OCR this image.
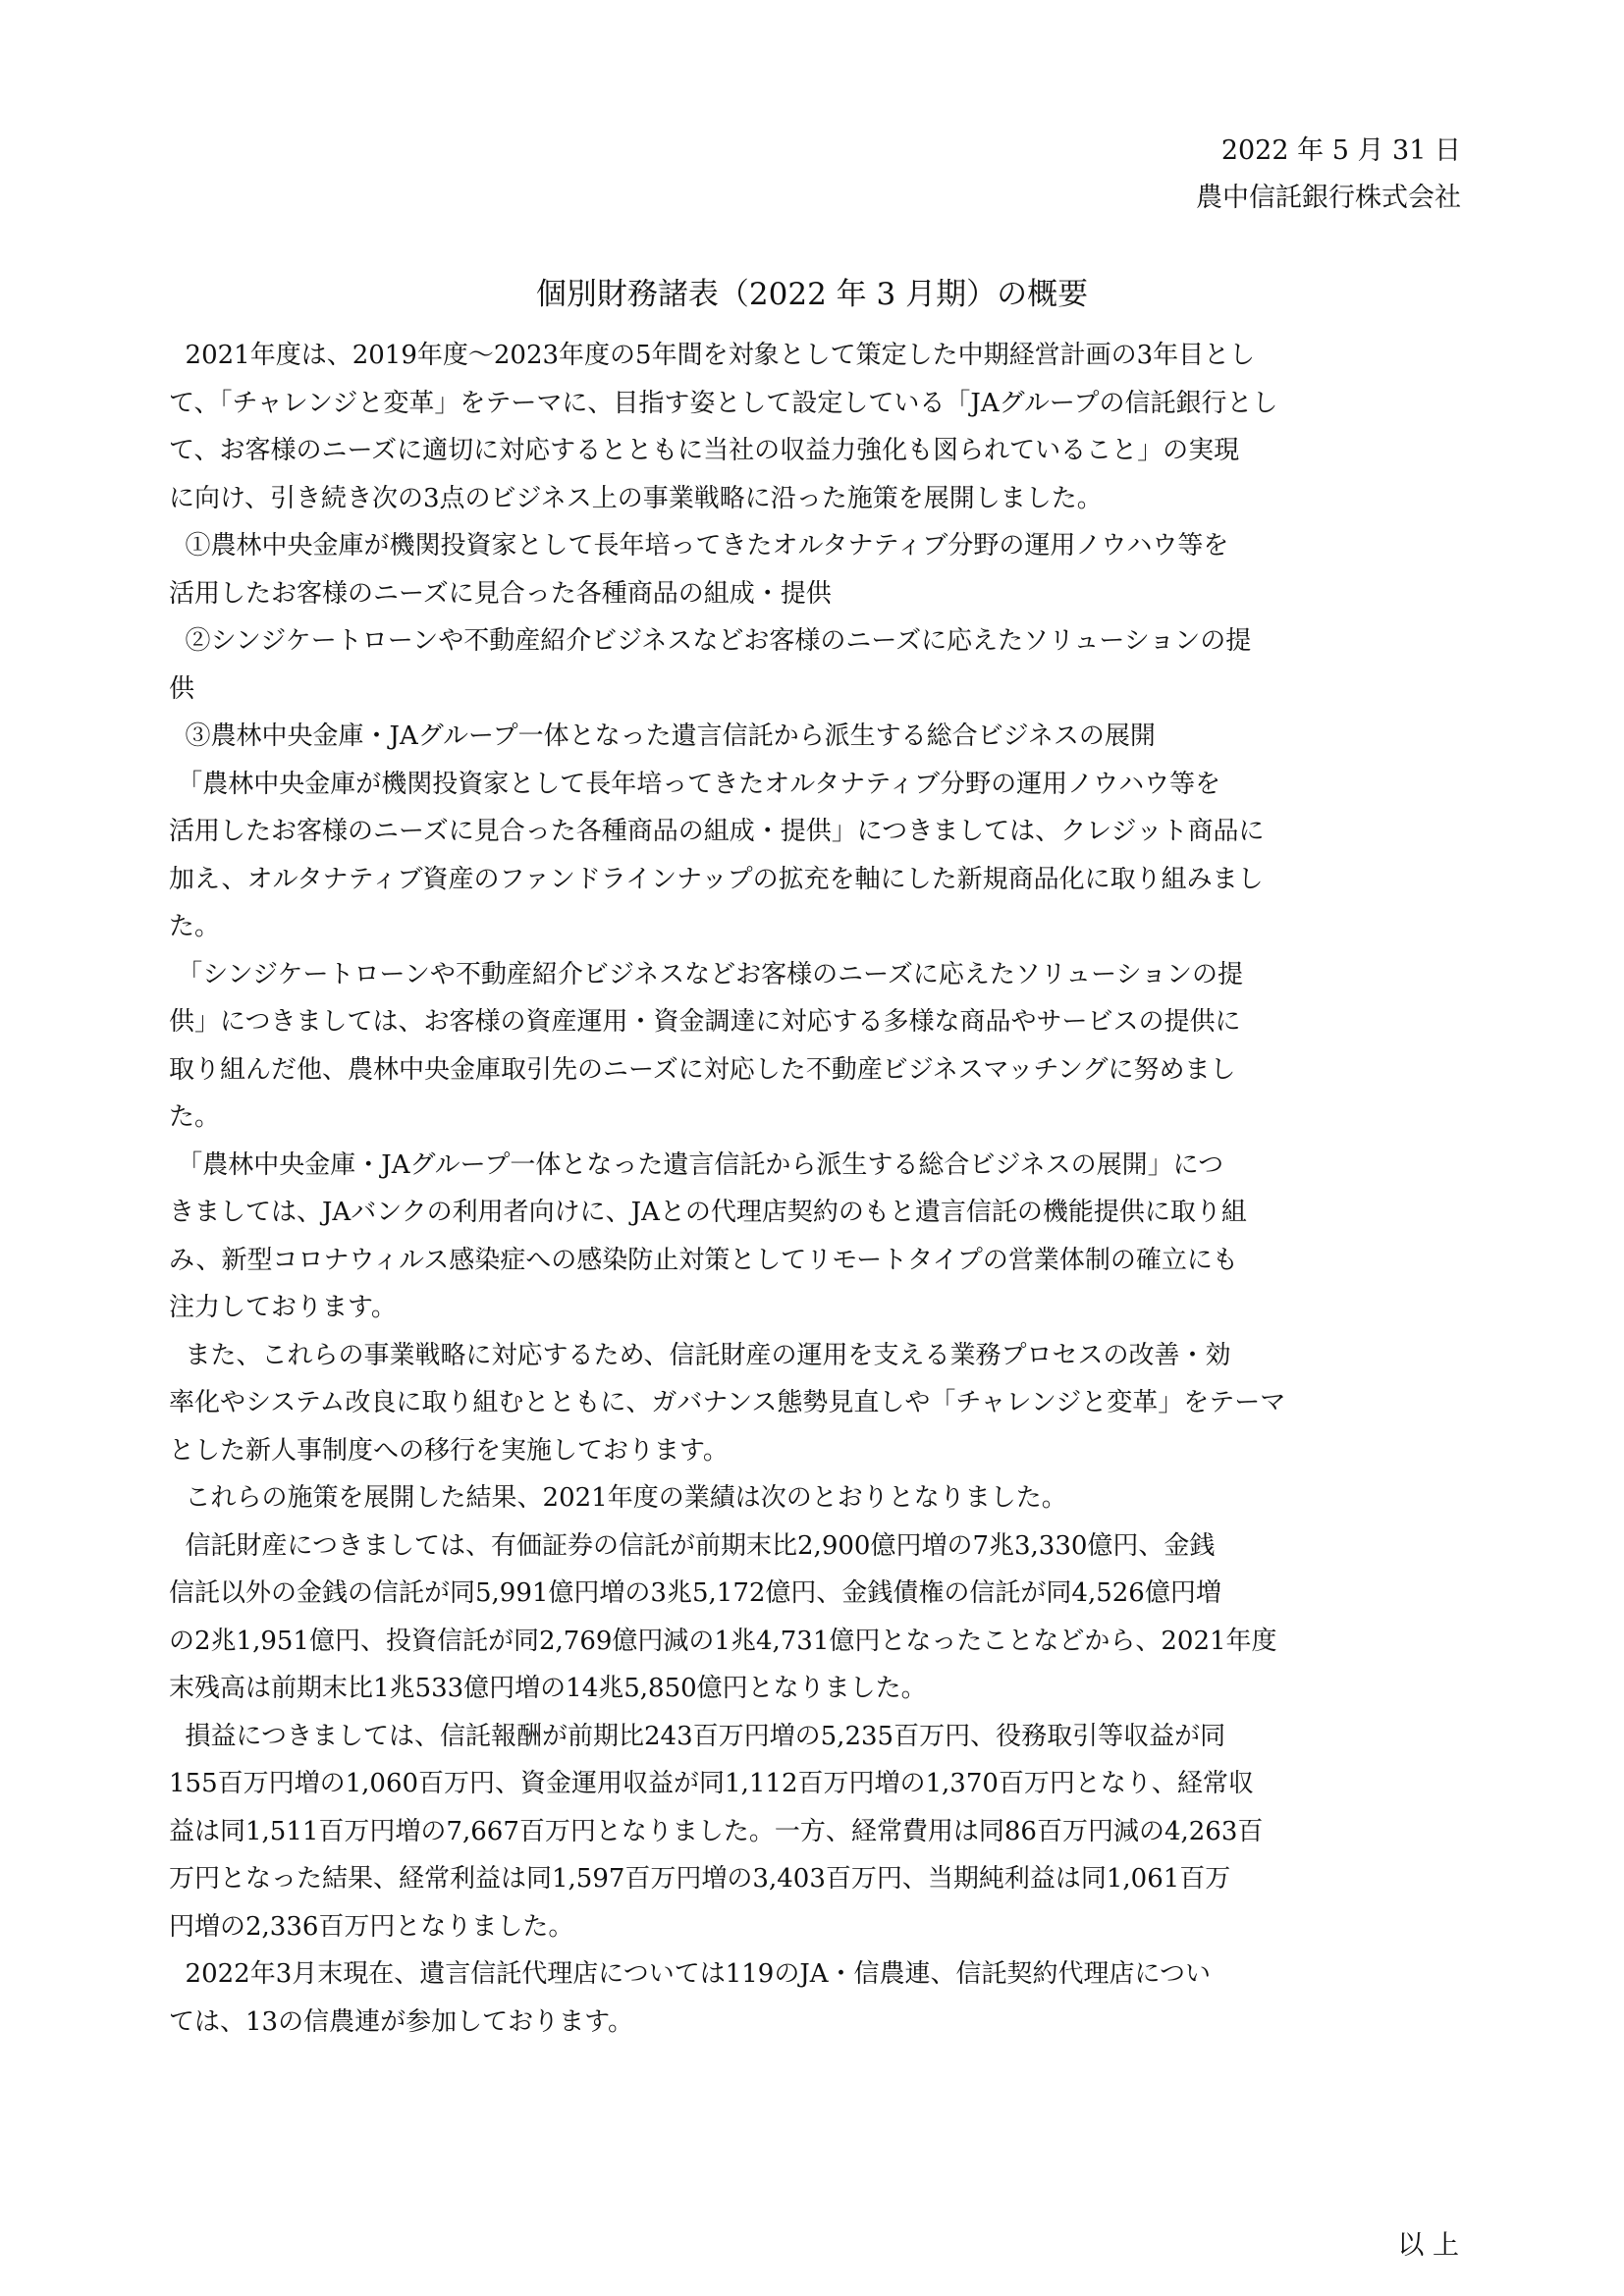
2022 年 5 月 31 日
農中信託銀行株式会社
個別財務諸表（2022 年 3 月期）の概要
2021年度は、2019年度～2023年度の5年間を対象として策定した中期経営計画の3年目とし
て、「チャレンジと変革」をテーマに、目指す姿として設定している「JAグループの信託銀行とし
て、お客様のニーズに適切に対応するとともに当社の収益力強化も図られていること」の実現
に向け、引き続き次の3点のビジネス上の事業戦略に沿った施策を展開しました。
①農林中央金庫が機関投資家として長年培ってきたオルタナティブ分野の運用ノウハウ等を
活用したお客様のニーズに見合った各種商品の組成・提供
②シンジケートローンや不動産紹介ビジネスなどお客様のニーズに応えたソリューションの提
供
③農林中央金庫・JAグループ一体となった遺言信託から派生する総合ビジネスの展開
「農林中央金庫が機関投資家として長年培ってきたオルタナティブ分野の運用ノウハウ等を
活用したお客様のニーズに見合った各種商品の組成・提供」につきましては、クレジット商品に
加え、オルタナティブ資産のファンドラインナップの拡充を軸にした新規商品化に取り組みまし
た。
「シンジケートローンや不動産紹介ビジネスなどお客様のニーズに応えたソリューションの提
供」につきましては、お客様の資産運用・資金調達に対応する多様な商品やサービスの提供に
取り組んだ他、農林中央金庫取引先のニーズに対応した不動産ビジネスマッチングに努めまし
た。
「農林中央金庫・JAグループ一体となった遺言信託から派生する総合ビジネスの展開」につ
きましては、JAバンクの利用者向けに、JAとの代理店契約のもと遺言信託の機能提供に取り組
み、新型コロナウィルス感染症への感染防止対策としてリモートタイプの営業体制の確立にも
注力しております。
また、これらの事業戦略に対応するため、信託財産の運用を支える業務プロセスの改善・効
率化やシステム改良に取り組むとともに、ガバナンス態勢見直しや「チャレンジと変革」をテーマ
とした新人事制度への移行を実施しております。
これらの施策を展開した結果、2021年度の業績は次のとおりとなりました。
信託財産につきましては、有価証券の信託が前期末比2,900億円増の7兆3,330億円、金銭
信託以外の金銭の信託が同5,991億円増の3兆5,172億円、金銭債権の信託が同4,526億円増
の2兆1,951億円、投資信託が同2,769億円減の1兆4,731億円となったことなどから、2021年度
末残高は前期末比1兆533億円増の14兆5,850億円となりました。
損益につきましては、信託報酬が前期比243百万円増の5,235百万円、役務取引等収益が同
155百万円増の1,060百万円、資金運用収益が同1,112百万円増の1,370百万円となり、経常収
益は同1,511百万円増の7,667百万円となりました。一方、経常費用は同86百万円減の4,263百
万円となった結果、経常利益は同1,597百万円増の3,403百万円、当期純利益は同1,061百万
円増の2,336百万円となりました。
2022年3月末現在、遺言信託代理店については119のJA・信農連、信託契約代理店につい
ては、13の信農連が参加しております。
以 上
